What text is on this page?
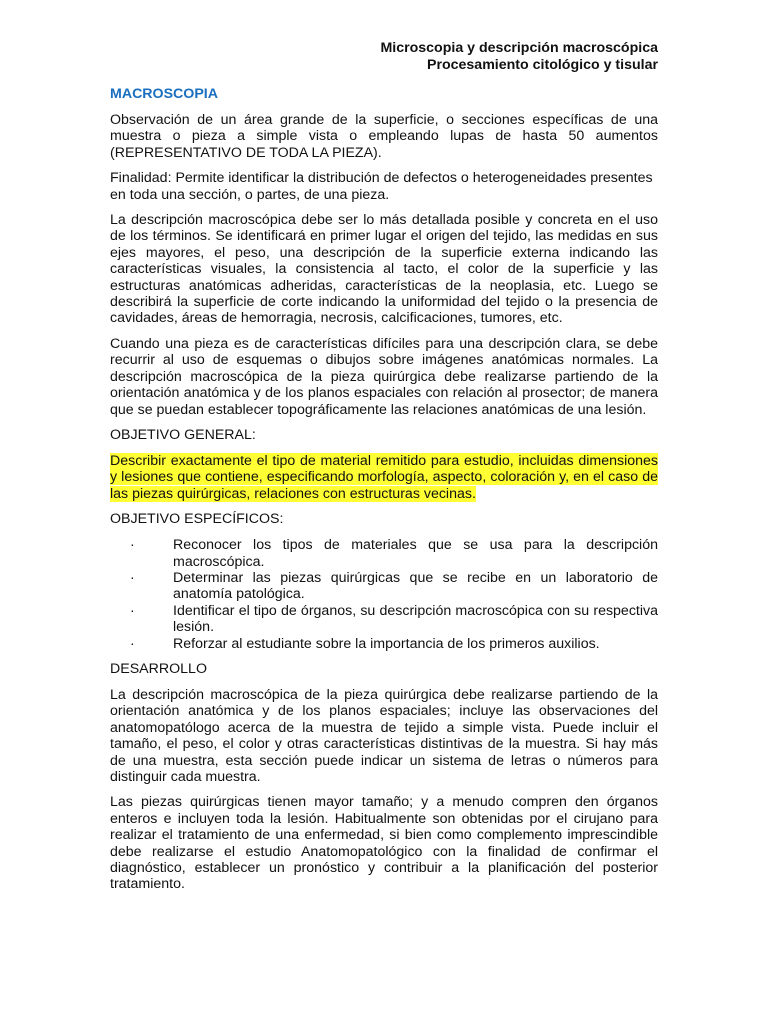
Microscopia y descripción macroscópica
Procesamiento citológico y tisular
MACROSCOPIA

Observación de un área grande de la superficie, o secciones específicas de una muestra o pieza a simple vista o empleando lupas de hasta 50 aumentos (REPRESENTATIVO DE TODA LA PIEZA).

Finalidad: Permite identificar la distribución de defectos o heterogeneidades presentes en toda una sección, o partes, de una pieza.

La descripción macroscópica debe ser lo más detallada posible y concreta en el uso de los términos. Se identificará en primer lugar el origen del tejido, las medidas en sus ejes mayores, el peso, una descripción de la superficie externa indicando las características visuales, la consistencia al tacto, el color de la superficie y las estructuras anatómicas adheridas, características de la neoplasia, etc. Luego se describirá la superficie de corte indicando la uniformidad del tejido o la presencia de cavidades, áreas de hemorragia, necrosis, calcificaciones, tumores, etc.

Cuando una pieza es de características difíciles para una descripción clara, se debe recurrir al uso de esquemas o dibujos sobre imágenes anatómicas normales. La descripción macroscópica de la pieza quirúrgica debe realizarse partiendo de la orientación anatómica y de los planos espaciales con relación al prosector; de manera que se puedan establecer topográficamente las relaciones anatómicas de una lesión.

OBJETIVO GENERAL:

Describir exactamente el tipo de material remitido para estudio, incluidas dimensiones y lesiones que contiene, especificando morfología, aspecto, coloración y, en el caso de las piezas quirúrgicas, relaciones con estructuras vecinas.

OBJETIVO ESPECÍFICOS:
·	Reconocer los tipos de materiales que se usa para la descripción macroscópica.
·	Determinar las piezas quirúrgicas que se recibe en un laboratorio de anatomía patológica.
·	Identificar el tipo de órganos, su descripción macroscópica con su respectiva lesión.
·	Reforzar al estudiante sobre la importancia de los primeros auxilios.
DESARROLLO

La descripción macroscópica de la pieza quirúrgica debe realizarse partiendo de la orientación anatómica y de los planos espaciales; incluye las observaciones del anatomopatólogo acerca de la muestra de tejido a simple vista. Puede incluir el tamaño, el peso, el color y otras características distintivas de la muestra. Si hay más de una muestra, esta sección puede indicar un sistema de letras o números para distinguir cada muestra.

Las piezas quirúrgicas tienen mayor tamaño; y a menudo compren den órganos enteros e incluyen toda la lesión. Habitualmente son obtenidas por el cirujano para realizar el tratamiento de una enfermedad, si bien como complemento imprescindible debe realizarse el estudio Anatomopatológico con la finalidad de confirmar el diagnóstico, establecer un pronóstico y contribuir a la planificación del posterior tratamiento.
